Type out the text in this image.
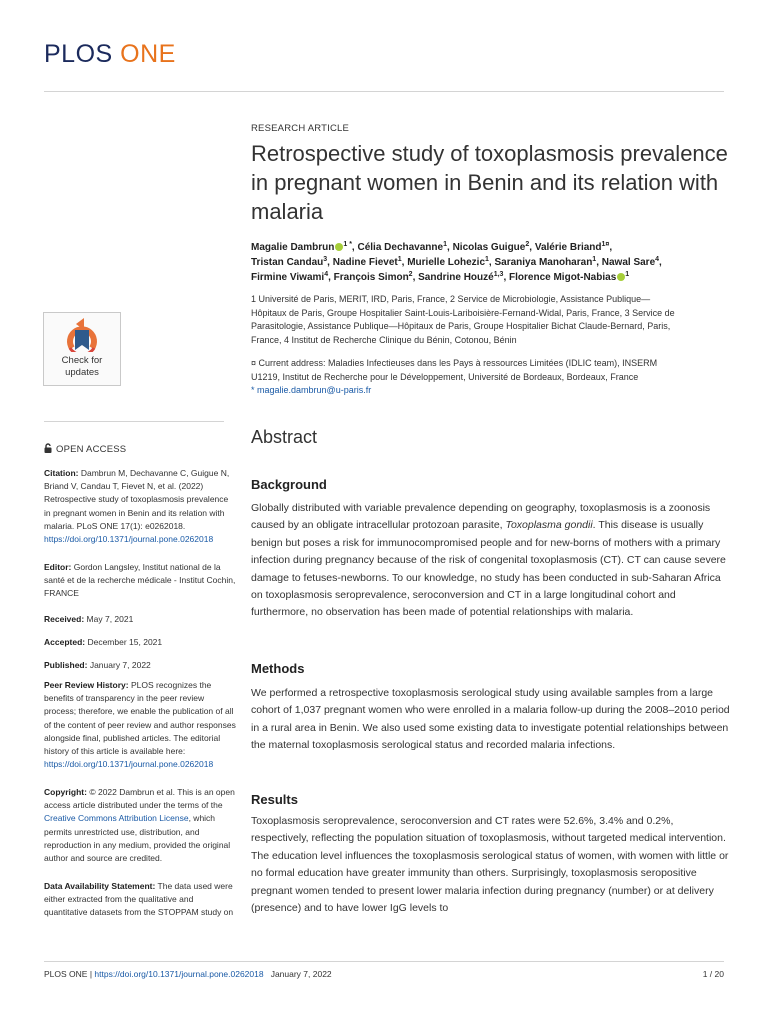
PLOS ONE
RESEARCH ARTICLE
Retrospective study of toxoplasmosis prevalence in pregnant women in Benin and its relation with malaria
Magalie Dambrun $^{1 *}$, Célia Dechavanne$^1$, Nicolas Guigue$^2$, Valérie Briand$^{1¤}$,
Tristan Candau$^3$, Nadine Fievet$^1$, Murielle Lohezic$^1$, Saraniya Manoharan$^1$, Nawal Sare$^4$,
Firmine Viwami$^4$, François Simon$^2$, Sandrine Houzé$^{1,3}$, Florence Migot-Nabias $^1$
1 Université de Paris, MERIT, IRD, Paris, France, 2 Service de Microbiologie, Assistance Publique—
Hôpitaux de Paris, Groupe Hospitalier Saint-Louis-Lariboisière-Fernand-Widal, Paris, France, 3 Service de
Parasitologie, Assistance Publique—Hôpitaux de Paris, Groupe Hospitalier Bichat Claude-Bernard, Paris,
France, 4 Institut de Recherche Clinique du Bénin, Cotonou, Bénin
¤ Current address: Maladies Infectieuses dans les Pays à ressources Limitées (IDLIC team), INSERM
U1219, Institut de Recherche pour le Développement, Université de Bordeaux, Bordeaux, France
* magalie.dambrun@u-paris.fr
Check for
updates
OPEN ACCESS
Citation: Dambrun M, Dechavanne C, Guigue N, Briand V, Candau T, Fievet N, et al. (2022) Retrospective study of toxoplasmosis prevalence in pregnant women in Benin and its relation with malaria. PLoS ONE 17(1): e0262018. https://doi.org/10.1371/journal.pone.0262018
Editor: Gordon Langsley, Institut national de la santé et de la recherche médicale - Institut Cochin, FRANCE
Received: May 7, 2021
Accepted: December 15, 2021
Published: January 7, 2022
Peer Review History: PLOS recognizes the benefits of transparency in the peer review process; therefore, we enable the publication of all of the content of peer review and author responses alongside final, published articles. The editorial history of this article is available here: https://doi.org/10.1371/journal.pone.0262018
Copyright: © 2022 Dambrun et al. This is an open access article distributed under the terms of the Creative Commons Attribution License, which permits unrestricted use, distribution, and reproduction in any medium, provided the original author and source are credited.
Data Availability Statement: The data used were either extracted from the qualitative and quantitative datasets from the STOPPAM study on
Abstract
Background
Globally distributed with variable prevalence depending on geography, toxoplasmosis is a zoonosis caused by an obligate intracellular protozoan parasite, Toxoplasma gondii. This disease is usually benign but poses a risk for immunocompromised people and for new-borns of mothers with a primary infection during pregnancy because of the risk of congenital toxoplasmosis (CT). CT can cause severe damage to fetuses-newborns. To our knowledge, no study has been conducted in sub-Saharan Africa on toxoplasmosis seroprevalence, seroconversion and CT in a large longitudinal cohort and furthermore, no observation has been made of potential relationships with malaria.
Methods
We performed a retrospective toxoplasmosis serological study using available samples from a large cohort of 1,037 pregnant women who were enrolled in a malaria follow-up during the 2008–2010 period in a rural area in Benin. We also used some existing data to investigate potential relationships between the maternal toxoplasmosis serological status and recorded malaria infections.
Results
Toxoplasmosis seroprevalence, seroconversion and CT rates were 52.6%, 3.4% and 0.2%, respectively, reflecting the population situation of toxoplasmosis, without targeted medical intervention. The education level influences the toxoplasmosis serological status of women, with women with little or no formal education have greater immunity than others. Surprisingly, toxoplasmosis seropositive pregnant women tended to present lower malaria infection during pregnancy (number) or at delivery (presence) and to have lower IgG levels to
PLOS ONE | https://doi.org/10.1371/journal.pone.0262018 January 7, 2022	1 / 20
